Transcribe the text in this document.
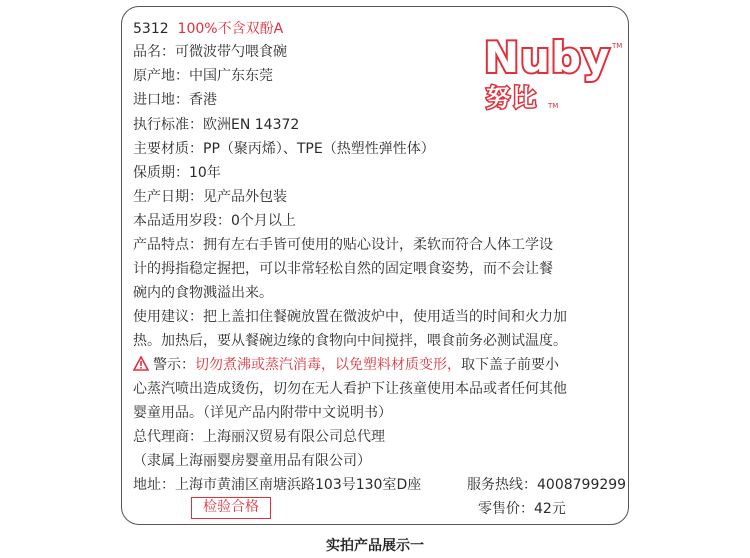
5312 100%不含双酚A
Nuby TM
努比 TM
品名：可微波带勺喂食碗
原产地：中国广东东莞
进口地：香港
执行标准：欧洲EN 14372
主要材质：PP（聚丙烯）、TPE（热塑性弹性体）
保质期：10年
生产日期：见产品外包装
本品适用岁段：0个月以上
产品特点：拥有左右手皆可使用的贴心设计，柔软而符合人体工学设
计的拇指稳定握把，可以非常轻松自然的固定喂食姿势，而不会让餐
碗内的食物溅溢出来。
使用建议：把上盖扣住餐碗放置在微波炉中，使用适当的时间和火力加
热。加热后，要从餐碗边缘的食物向中间搅拌，喂食前务必测试温度。
警示：切勿煮沸或蒸汽消毒，以免塑料材质变形，取下盖子前要小
心蒸汽喷出造成烫伤，切勿在无人看护下让孩童使用本品或者任何其他
婴童用品。（详见产品内附带中文说明书）
总代理商：上海丽汉贸易有限公司总代理
（隶属上海丽婴房婴童用品有限公司）
地址：上海市黄浦区南塘浜路103号130室D座	服务热线：4008799299
零售价：42元
检验合格
实拍产品展示一
